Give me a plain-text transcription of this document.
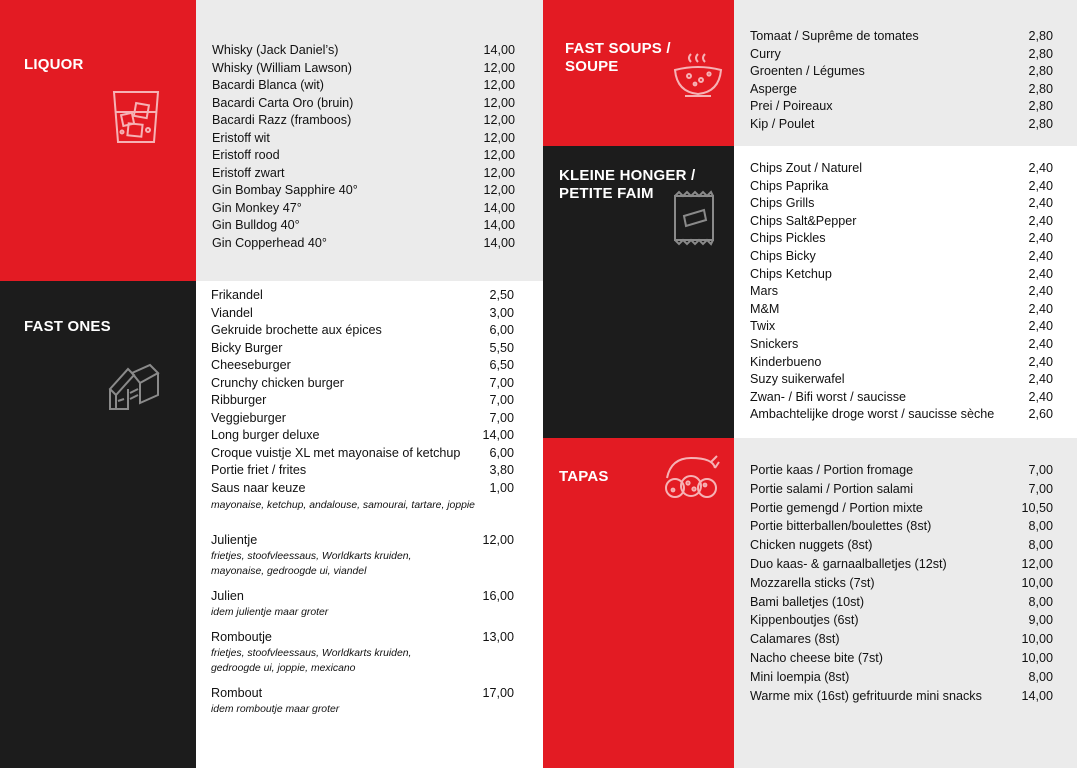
LIQUOR
Whisky (Jack Daniel’s)	14,00
Whisky (William Lawson)	12,00
Bacardi Blanca (wit)	12,00
Bacardi Carta Oro (bruin)	12,00
Bacardi Razz (framboos)	12,00
Eristoff wit	12,00
Eristoff rood	12,00
Eristoff zwart	12,00
Gin Bombay Sapphire 40°	12,00
Gin Monkey 47°	14,00
Gin Bulldog 40°	14,00
Gin Copperhead 40°	14,00
FAST ONES
Frikandel	2,50
Viandel	3,00
Gekruide brochette aux épices	6,00
Bicky Burger	5,50
Cheeseburger	6,50
Crunchy chicken burger	7,00
Ribburger	7,00
Veggieburger	7,00
Long burger deluxe	14,00
Croque vuistje XL met mayonaise of ketchup	6,00
Portie friet / frites	3,80
Saus naar keuze	1,00
mayonaise, ketchup, andalouse, samourai, tartare, joppie
Julientje	12,00
frietjes, stoofvleessaus, Worldkarts kruiden,
mayonaise, gedroogde ui, viandel
Julien	16,00
idem julientje maar groter
Romboutje	13,00
frietjes, stoofvleessaus, Worldkarts kruiden,
gedroogde ui, joppie, mexicano
Rombout	17,00
idem romboutje maar groter
FAST SOUPS /
SOUPE
Tomaat / Suprême de tomates	2,80
Curry	2,80
Groenten / Légumes	2,80
Asperge	2,80
Prei / Poireaux	2,80
Kip / Poulet	2,80
KLEINE HONGER /
PETITE FAIM
Chips Zout / Naturel	2,40
Chips Paprika	2,40
Chips Grills	2,40
Chips Salt&Pepper	2,40
Chips Pickles	2,40
Chips Bicky	2,40
Chips Ketchup	2,40
Mars	2,40
M&M	2,40
Twix	2,40
Snickers	2,40
Kinderbueno	2,40
Suzy suikerwafel	2,40
Zwan- / Bifi worst / saucisse	2,40
Ambachtelijke droge worst / saucisse sèche	2,60
TAPAS	Portie kaas / Portion fromage	7,00
Portie salami / Portion salami	7,00
Portie gemengd / Portion mixte	10,50
Portie bitterballen/boulettes (8st)	8,00
Chicken nuggets (8st)	8,00
Duo kaas- & garnaalballetjes (12st)	12,00
Mozzarella sticks (7st)	10,00
Bami balletjes (10st)	8,00
Kippenboutjes (6st)	9,00
Calamares (8st)	10,00
Nacho cheese bite (7st)	10,00
Mini loempia (8st)	8,00
Warme mix (16st) gefrituurde mini snacks	14,00
